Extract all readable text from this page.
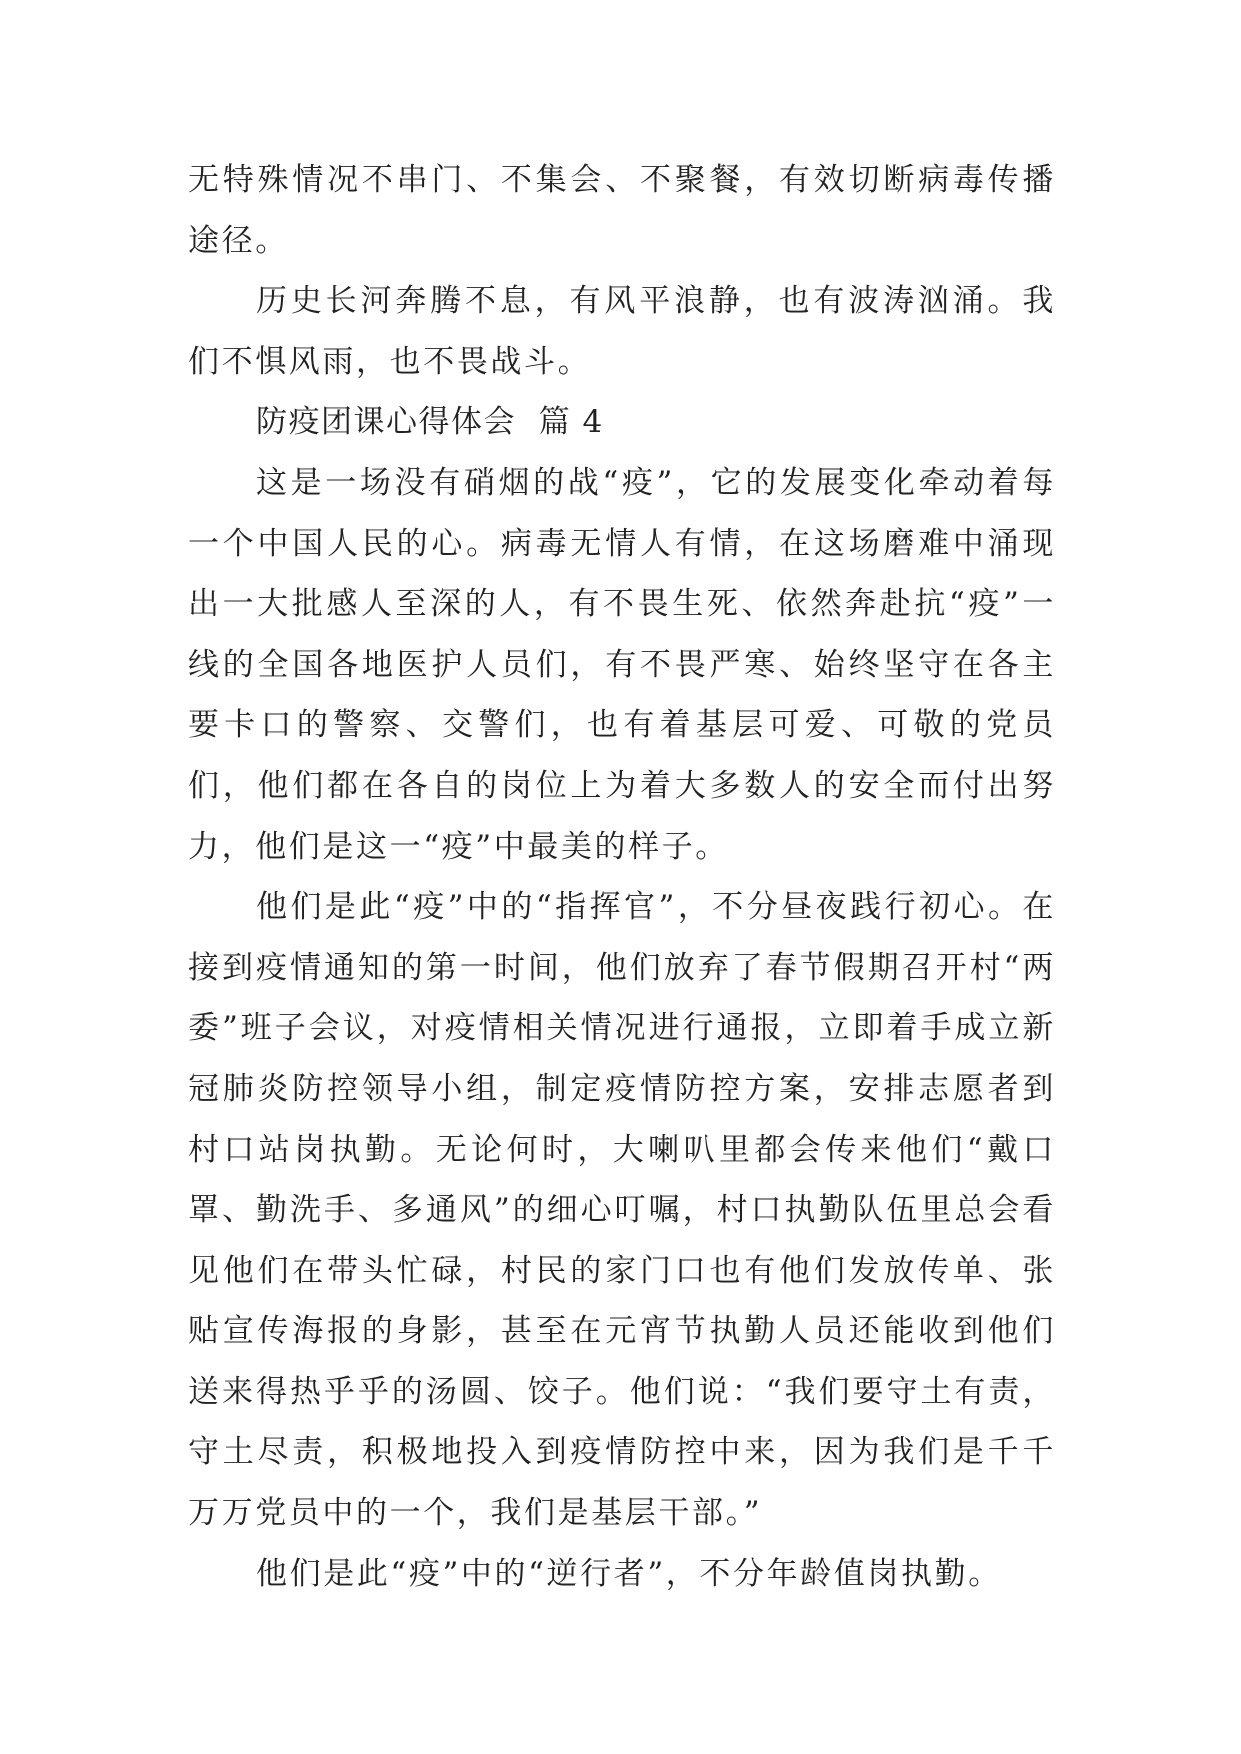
无特殊情况不串门、不集会、不聚餐，有效切断病毒传播途径。

历史长河奔腾不息，有风平浪静，也有波涛汹涌。我们不惧风雨，也不畏战斗。

防疫团课心得体会  篇 4

这是一场没有硝烟的战“疫”，它的发展变化牵动着每一个中国人民的心。病毒无情人有情，在这场磨难中涌现出一大批感人至深的人，有不畏生死、依然奔赴抗“疫”一线的全国各地医护人员们，有不畏严寒、始终坚守在各主要卡口的警察、交警们，也有着基层可爱、可敬的党员们，他们都在各自的岗位上为着大多数人的安全而付出努力，他们是这一“疫”中最美的样子。

他们是此“疫”中的“指挥官”，不分昼夜践行初心。在接到疫情通知的第一时间，他们放弃了春节假期召开村“两委”班子会议，对疫情相关情况进行通报，立即着手成立新冠肺炎防控领导小组，制定疫情防控方案，安排志愿者到村口站岗执勤。无论何时，大喇叭里都会传来他们“戴口罩、勤洗手、多通风”的细心叮嘱，村口执勤队伍里总会看见他们在带头忙碌，村民的家门口也有他们发放传单、张贴宣传海报的身影，甚至在元宵节执勤人员还能收到他们送来得热乎乎的汤圆、饺子。他们说：“我们要守土有责，守土尽责，积极地投入到疫情防控中来，因为我们是千千万万党员中的一个，我们是基层干部。”

他们是此“疫”中的“逆行者”，不分年龄值岗执勤。
